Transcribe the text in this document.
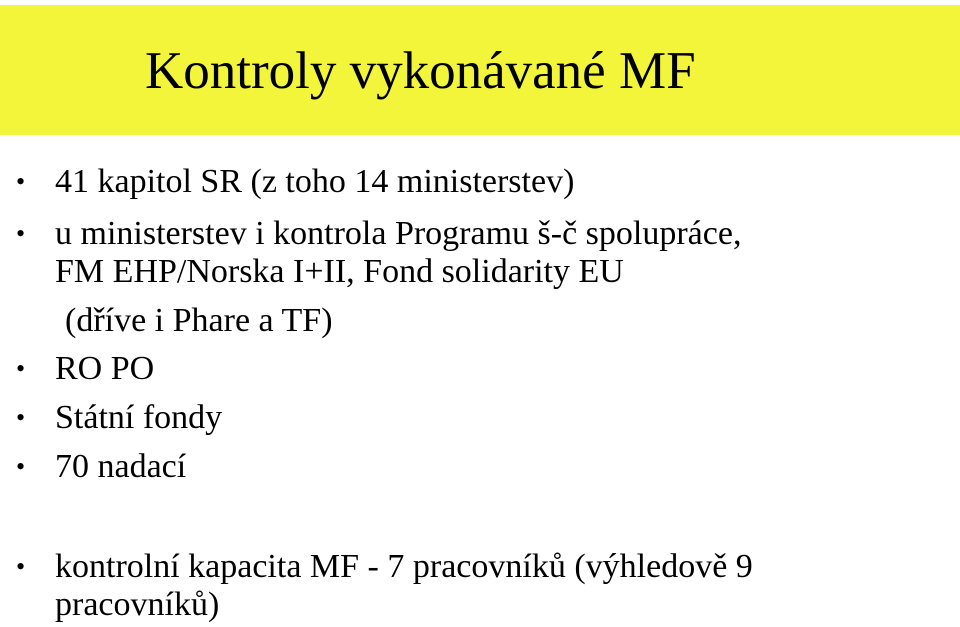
Kontroly vykonávané MF
• 41 kapitol SR (z toho 14 ministerstev)
• u ministerstev i kontrola Programu š-č spolupráce,
FM EHP/Norska I+II, Fond solidarity EU
(dříve i Phare a TF)
• RO PO
• Státní fondy
• 70 nadací
• kontrolní kapacita MF - 7 pracovníků (výhledově 9
pracovníků)
